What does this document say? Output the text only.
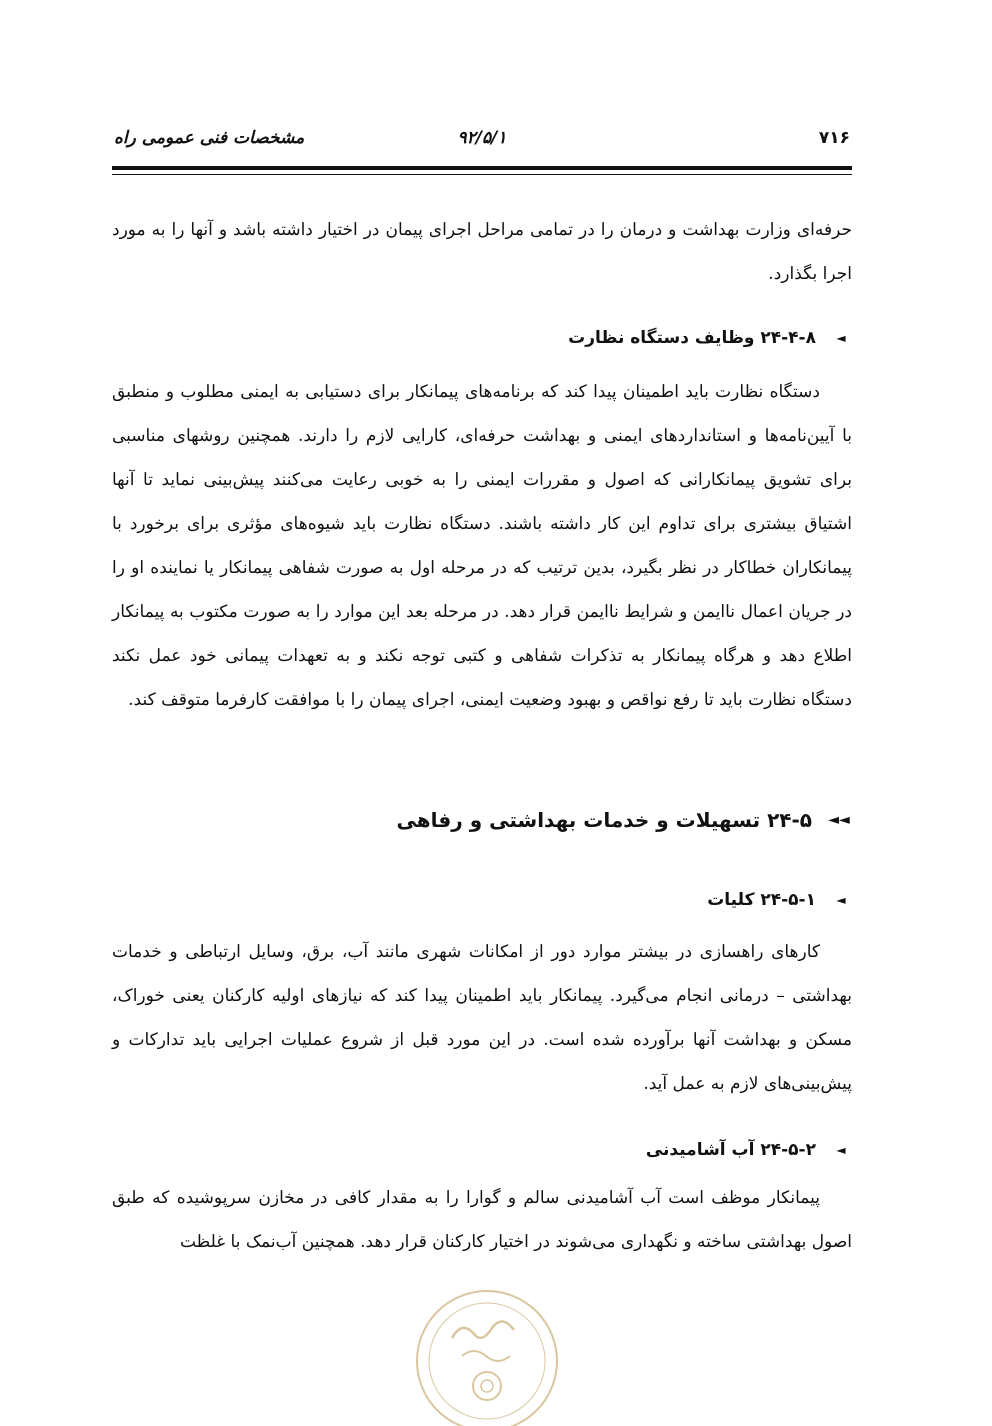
۷۱۶
۹۲/۵/۱
مشخصات فنی عمومی راه

حرفه‌ای وزارت بهداشت و درمان را در تمامی مراحل اجرای پیمان در اختیار داشته باشد و آنها را به مورد اجرا بگذارد.

◄
۲۴-۴-۸ وظایف دستگاه نظارت

دستگاه نظارت باید اطمینان پیدا کند که برنامه‌های پیمانکار برای دستیابی به ایمنی مطلوب و منطبق با آیین‌نامه‌ها و استانداردهای ایمنی و بهداشت حرفه‌ای، کارایی لازم را دارند. همچنین روشهای مناسبی برای تشویق پیمانکارانی که اصول و مقررات ایمنی را به خوبی رعایت می‌کنند پیش‌بینی نماید تا آنها اشتیاق بیشتری برای تداوم این کار داشته باشند. دستگاه نظارت باید شیوه‌های مؤثری برای برخورد با پیمانکاران خطاکار در نظر بگیرد، بدین ترتیب که در مرحله اول به صورت شفاهی پیمانکار یا نماینده او را در جریان اعمال ناایمن و شرایط ناایمن قرار دهد. در مرحله بعد این موارد را به صورت مکتوب به پیمانکار اطلاع دهد و هرگاه پیمانکار به تذکرات شفاهی و کتبی توجه نکند و به تعهدات پیمانی خود عمل نکند دستگاه نظارت باید تا رفع نواقص و بهبود وضعیت ایمنی، اجرای پیمان را با موافقت کارفرما متوقف کند.

◄◄
۲۴-۵ تسهیلات و خدمات بهداشتی و رفاهی
◄
۲۴-۵-۱ کلیات

کارهای راهسازی در بیشتر موارد دور از امکانات شهری مانند آب، برق، وسایل ارتباطی و خدمات بهداشتی – درمانی انجام می‌گیرد. پیمانکار باید اطمینان پیدا کند که نیازهای اولیه کارکنان یعنی خوراک، مسکن و بهداشت آنها برآورده شده است. در این مورد قبل از شروع عملیات اجرایی باید تدارکات و پیش‌بینی‌های لازم به عمل آید.

◄
۲۴-۵-۲ آب آشامیدنی

پیمانکار موظف است آب آشامیدنی سالم و گوارا را به مقدار کافی در مخازن سرپوشیده که طبق اصول بهداشتی ساخته و نگهداری می‌شوند در اختیار کارکنان قرار دهد. همچنین آب‌نمک با غلظت
